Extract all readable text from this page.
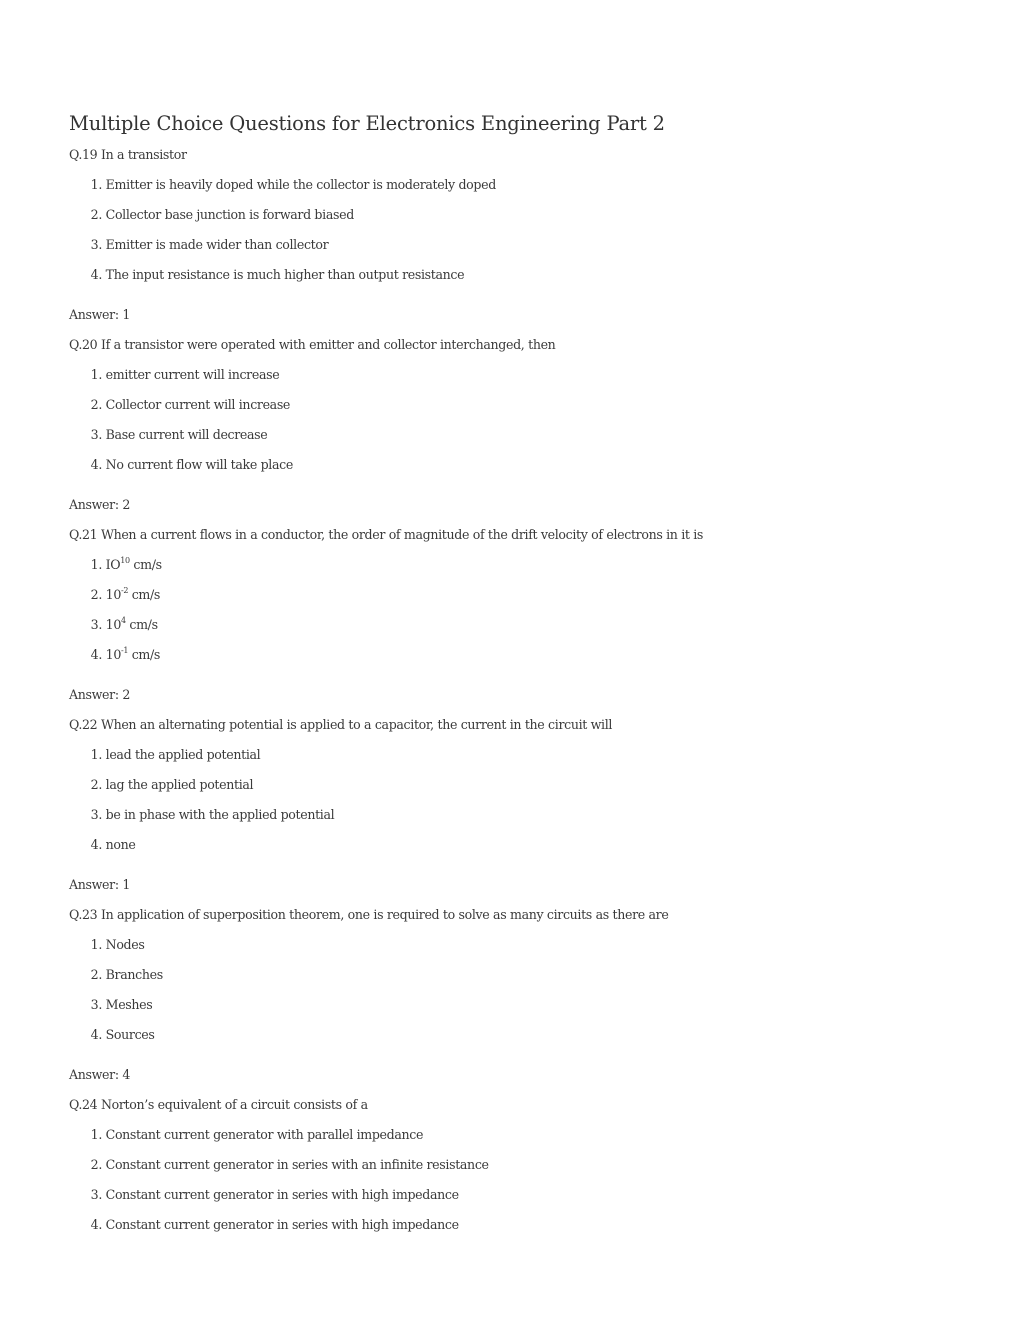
Multiple Choice Questions for Electronics Engineering Part 2

Q.19 In a transistor

1. Emitter is heavily doped while the collector is moderately doped
2. Collector base junction is forward biased
3. Emitter is made wider than collector
4. The input resistance is much higher than output resistance

Answer: 1

Q.20 If a transistor were operated with emitter and collector interchanged, then

1. emitter current will increase
2. Collector current will increase
3. Base current will decrease
4. No current flow will take place

Answer: 2

Q.21 When a current flows in a conductor, the order of magnitude of the drift velocity of electrons in it is

1. IO$^{10}$ cm/s
2. $10^{-2}$ cm/s
3. $10^4$ cm/s
4. $10^{-1}$ cm/s

Answer: 2

Q.22 When an alternating potential is applied to a capacitor, the current in the circuit will

1. lead the applied potential
2. lag the applied potential
3. be in phase with the applied potential
4. none

Answer: 1

Q.23 In application of superposition theorem, one is required to solve as many circuits as there are

1. Nodes
2. Branches
3. Meshes
4. Sources

Answer: 4

Q.24 Norton’s equivalent of a circuit consists of a

1. Constant current generator with parallel impedance
2. Constant current generator in series with an infinite resistance
3. Constant current generator in series with high impedance
4. Constant current generator in series with high impedance
